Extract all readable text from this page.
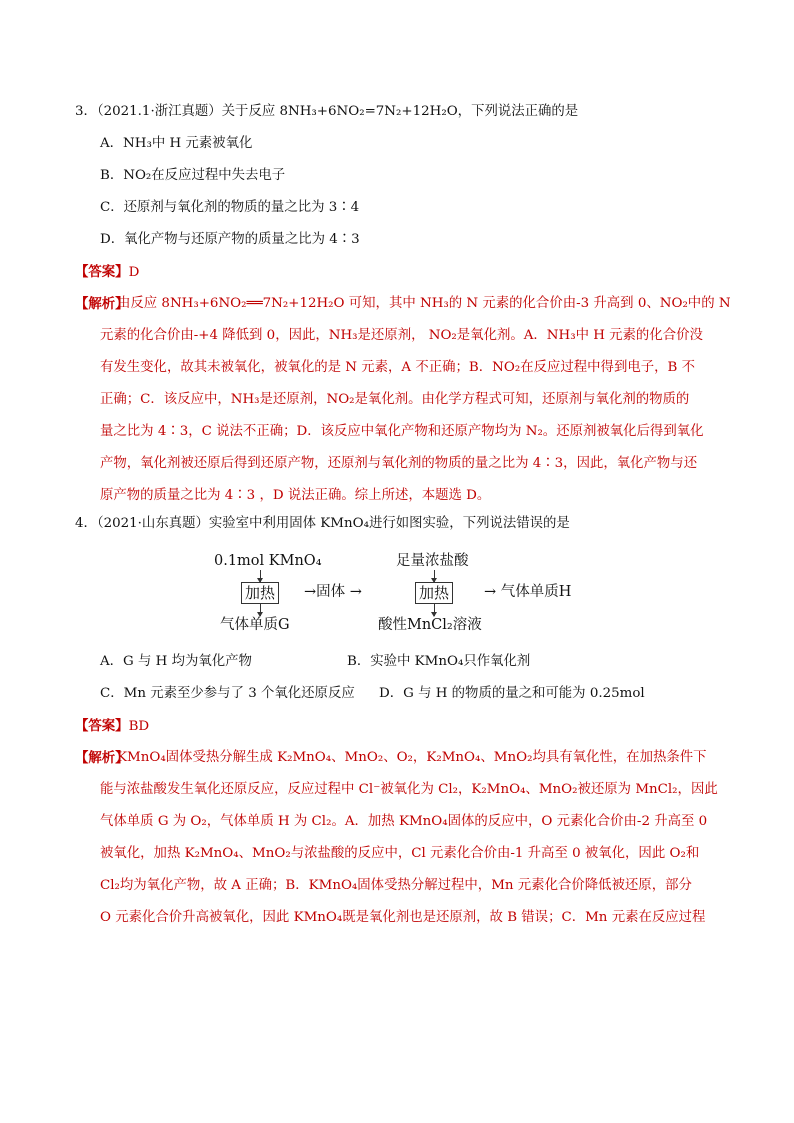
3．（2021.1·浙江真题）关于反应 8NH₃+6NO₂=7N₂+12H₂O，下列说法正确的是
A．NH₃中 H 元素被氧化
B．NO₂在反应过程中失去电子
C．还原剂与氧化剂的物质的量之比为 3∶4
D．氧化产物与还原产物的质量之比为 4∶3
【答案】D
【解析】
由反应 8NH₃+6NO₂══7N₂+12H₂O 可知，其中 NH₃的 N 元素的化合价由-3 升高到 0、NO₂中的 N
元素的化合价由-+4 降低到 0，因此，NH₃是还原剂， NO₂是氧化剂。A．NH₃中 H 元素的化合价没
有发生变化，故其未被氧化，被氧化的是 N 元素，A 不正确；B．NO₂在反应过程中得到电子，B 不
正确；C．该反应中，NH₃是还原剂，NO₂是氧化剂。由化学方程式可知，还原剂与氧化剂的物质的
量之比为 4∶3，C 说法不正确；D．该反应中氧化产物和还原产物均为 N₂。还原剂被氧化后得到氧化
产物，氧化剂被还原后得到还原产物，还原剂与氧化剂的物质的量之比为 4∶3，因此，氧化产物与还
原产物的质量之比为 4∶3 ，D 说法正确。综上所述，本题选 D。
4．（2021·山东真题）实验室中利用固体 KMnO₄进行如图实验，下列说法错误的是
0.1mol KMnO₄
加热 →固体 →
气体单质G
足量浓盐酸
加热 → 气体单质H
酸性MnCl₂溶液
A．G 与 H 均为氧化产物	B．实验中 KMnO₄只作氧化剂
C．Mn 元素至少参与了 3 个氧化还原反应 D．G 与 H 的物质的量之和可能为 0.25mol
【答案】BD
【解析】
KMnO₄固体受热分解生成 K₂MnO₄、MnO₂、O₂，K₂MnO₄、MnO₂均具有氧化性，在加热条件下
能与浓盐酸发生氧化还原反应，反应过程中 Cl⁻被氧化为 Cl₂，K₂MnO₄、MnO₂被还原为 MnCl₂，因此
气体单质 G 为 O₂，气体单质 H 为 Cl₂。A．加热 KMnO₄固体的反应中，O 元素化合价由-2 升高至 0
被氧化，加热 K₂MnO₄、MnO₂与浓盐酸的反应中，Cl 元素化合价由-1 升高至 0 被氧化，因此 O₂和
Cl₂均为氧化产物，故 A 正确；B．KMnO₄固体受热分解过程中，Mn 元素化合价降低被还原，部分
O 元素化合价升高被氧化，因此 KMnO₄既是氧化剂也是还原剂，故 B 错误；C．Mn 元素在反应过程
